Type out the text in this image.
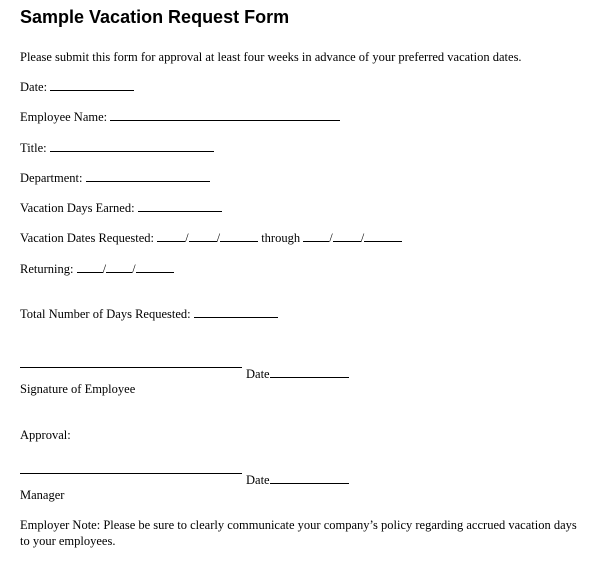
Sample Vacation Request Form
Please submit this form for approval at least four weeks in advance of your preferred vacation dates.
Date:
Employee Name:
Title:
Department:
Vacation Days Earned:
Vacation Dates Requested: / /	through / /
Returning: / /
Total Number of Days Requested:
Date
Signature of Employee
Approval:
Date
Manager
Employer Note: Please be sure to clearly communicate your company’s policy regarding accrued vacation days to your employees.
